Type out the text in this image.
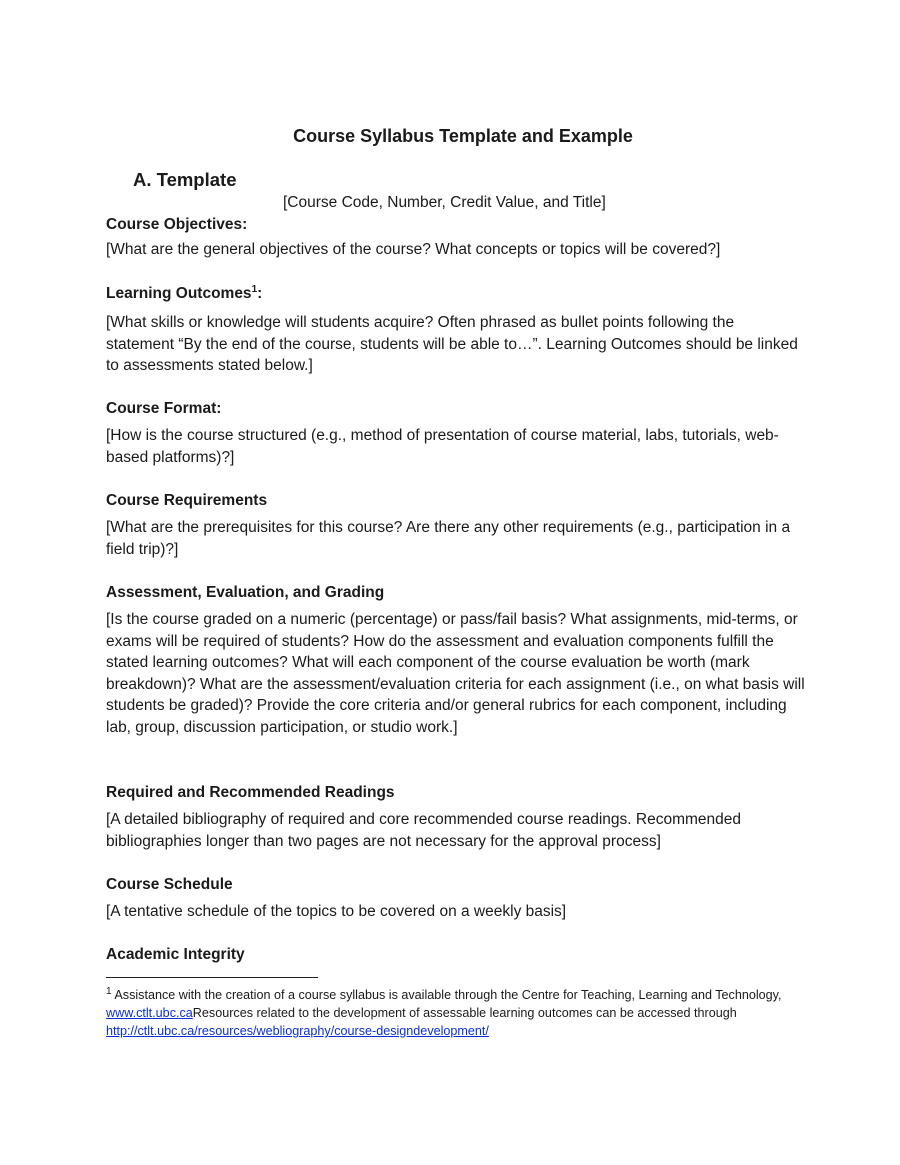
Course Syllabus Template and Example
A. Template
[Course Code, Number, Credit Value, and Title]

Course Objectives:

[What are the general objectives of the course? What concepts or topics will be covered?]

Learning Outcomes$^1$:

[What skills or knowledge will students acquire? Often phrased as bullet points following the statement “By the end of the course, students will be able to…”. Learning Outcomes should be linked to assessments stated below.]

Course Format:

[How is the course structured (e.g., method of presentation of course material, labs, tutorials, web-based platforms)?]

Course Requirements

[What are the prerequisites for this course? Are there any other requirements (e.g., participation in a field trip)?]

Assessment, Evaluation, and Grading

[Is the course graded on a numeric (percentage) or pass/fail basis? What assignments, mid-terms, or exams will be required of students? How do the assessment and evaluation components fulfill the stated learning outcomes? What will each component of the course evaluation be worth (mark breakdown)? What are the assessment/evaluation criteria for each assignment (i.e., on what basis will students be graded)? Provide the core criteria and/or general rubrics for each component, including lab, group, discussion participation, or studio work.]

Required and Recommended Readings

[A detailed bibliography of required and core recommended course readings. Recommended bibliographies longer than two pages are not necessary for the approval process]

Course Schedule

[A tentative schedule of the topics to be covered on a weekly basis]

Academic Integrity

$^1$ Assistance with the creation of a course syllabus is available through the Centre for Teaching, Learning and Technology, www.ctlt.ubc.caResources related to the development of assessable learning outcomes can be accessed through http://ctlt.ubc.ca/resources/webliography/course-designdevelopment/
